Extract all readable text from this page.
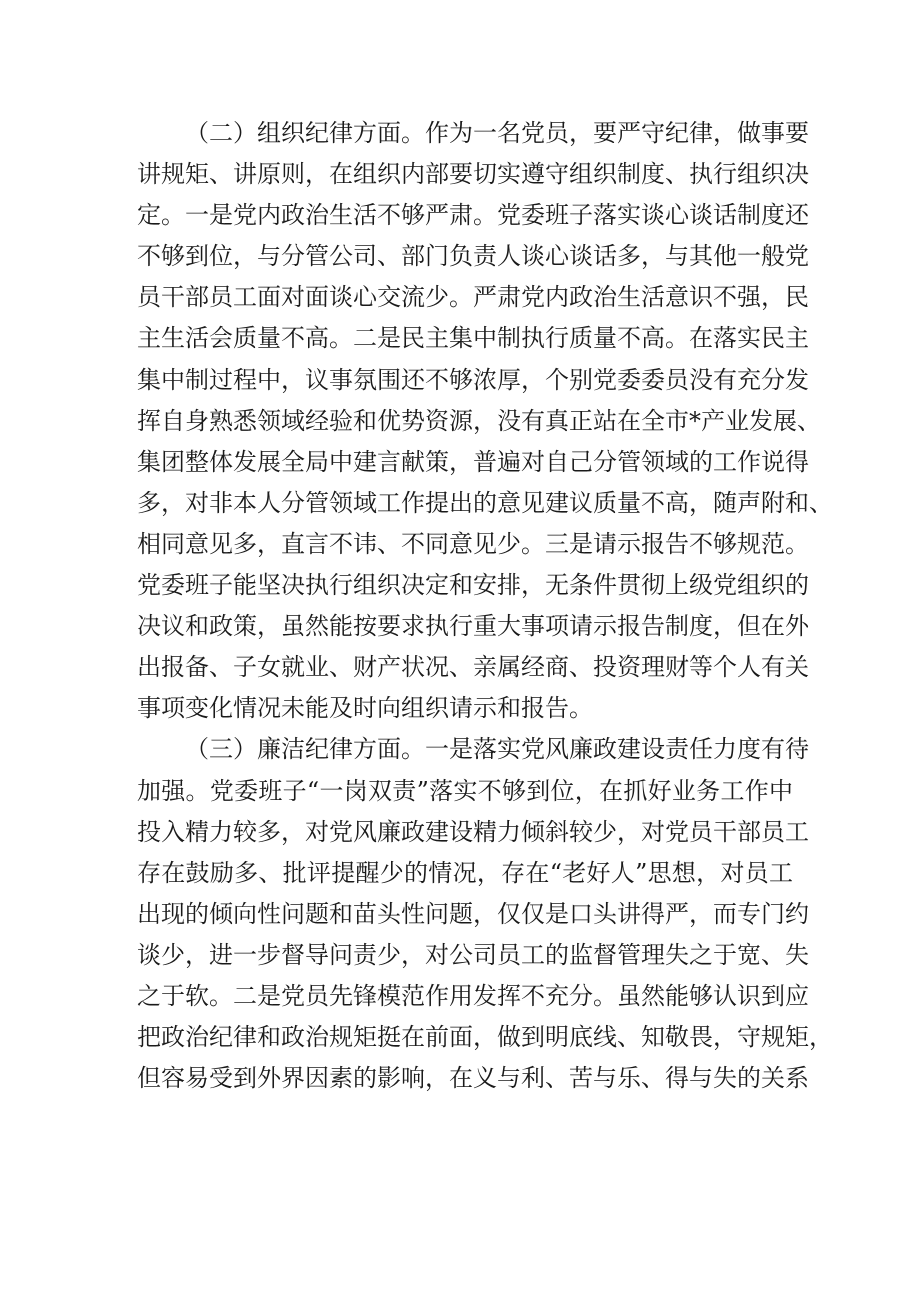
（二）组织纪律方面。作为一名党员，要严守纪律，做事要
讲规矩、讲原则，在组织内部要切实遵守组织制度、执行组织决
定。一是党内政治生活不够严肃。党委班子落实谈心谈话制度还
不够到位，与分管公司、部门负责人谈心谈话多，与其他一般党
员干部员工面对面谈心交流少。严肃党内政治生活意识不强，民
主生活会质量不高。二是民主集中制执行质量不高。在落实民主
集中制过程中，议事氛围还不够浓厚，个别党委委员没有充分发
挥自身熟悉领域经验和优势资源，没有真正站在全市*产业发展、
集团整体发展全局中建言献策，普遍对自己分管领域的工作说得
多，对非本人分管领域工作提出的意见建议质量不高，随声附和、
相同意见多，直言不讳、不同意见少。三是请示报告不够规范。
党委班子能坚决执行组织决定和安排，无条件贯彻上级党组织的
决议和政策，虽然能按要求执行重大事项请示报告制度，但在外
出报备、子女就业、财产状况、亲属经商、投资理财等个人有关
事项变化情况未能及时向组织请示和报告。
（三）廉洁纪律方面。一是落实党风廉政建设责任力度有待
加强。党委班子“一岗双责”落实不够到位，在抓好业务工作中
投入精力较多，对党风廉政建设精力倾斜较少，对党员干部员工
存在鼓励多、批评提醒少的情况，存在“老好人”思想，对员工
出现的倾向性问题和苗头性问题，仅仅是口头讲得严，而专门约
谈少，进一步督导问责少，对公司员工的监督管理失之于宽、失
之于软。二是党员先锋模范作用发挥不充分。虽然能够认识到应
把政治纪律和政治规矩挺在前面，做到明底线、知敬畏，守规矩，
但容易受到外界因素的影响，在义与利、苦与乐、得与失的关系
